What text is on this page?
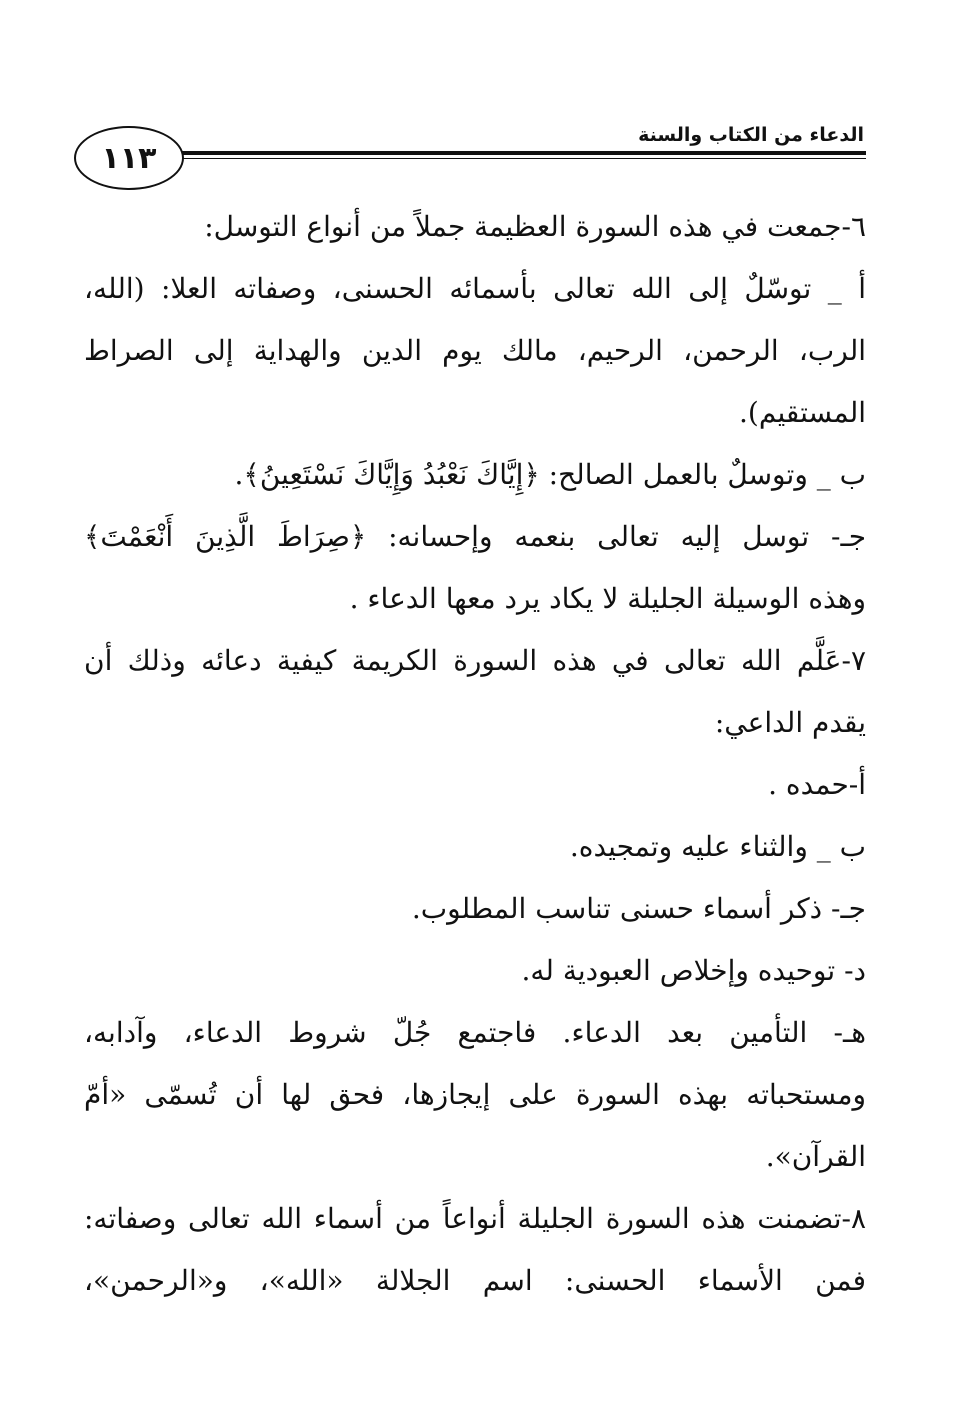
الدعاء من الكتاب والسنة
١١٣
٦-جمعت في هذه السورة العظيمة جملاً من أنواع التوسل:
أ _ توسّلٌ إلى الله تعالى بأسمائه الحسنى، وصفاته العلا: (الله،
الرب، الرحمن، الرحيم، مالك يوم الدين والهداية إلى الصراط
المستقيم).
ب _ وتوسلٌ بالعمل الصالح: ﴿إِيَّاكَ نَعْبُدُ وَإِيَّاكَ نَسْتَعِينُ﴾.
جـ- توسل إليه تعالى بنعمه وإحسانه: ﴿صِرَاطَ الَّذِينَ أَنْعَمْتَ﴾
وهذه الوسيلة الجليلة لا يكاد يرد معها الدعاء .
٧-عَلَّم الله تعالى في هذه السورة الكريمة كيفية دعائه وذلك أن
يقدم الداعي:
أ-حمده .
ب _ والثناء عليه وتمجيده.
جـ- ذكر أسماء حسنى تناسب المطلوب.
د- توحيده وإخلاص العبودية له.
هـ- التأمين بعد الدعاء. فاجتمع جُلّ شروط الدعاء، وآدابه،
ومستحباته بهذه السورة على إيجازها، فحق لها أن تُسمّى «أمّ
القرآن».
٨-تضمنت هذه السورة الجليلة أنواعاً من أسماء الله تعالى وصفاته:
فمن الأسماء الحسنى: اسم الجلالة «الله»، و«الرحمن»،
